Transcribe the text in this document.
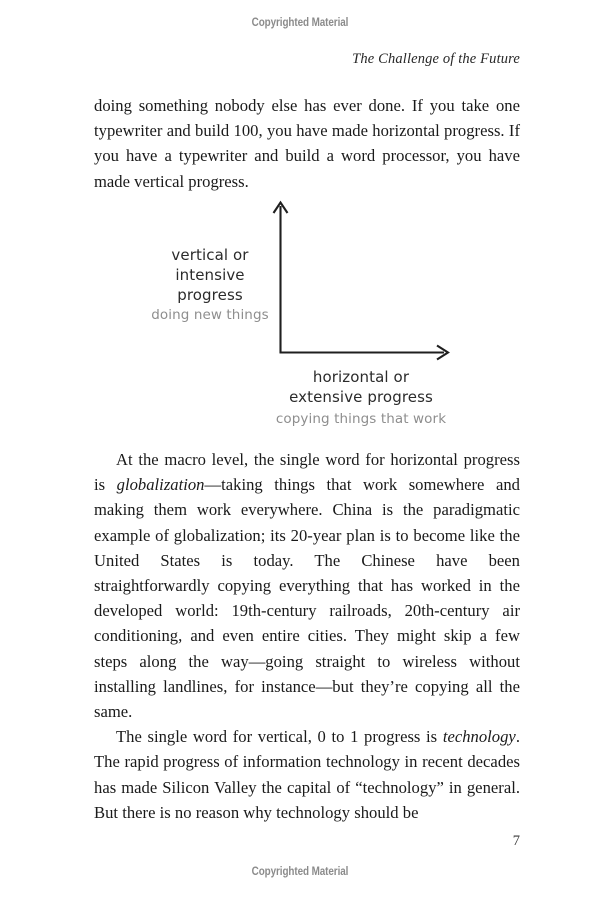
Copyrighted Material
The Challenge of the Future

doing something nobody else has ever done. If you take one typewriter and build 100, you have made horizontal progress. If you have a typewriter and build a word processor, you have made vertical progress.

vertical or
intensive
progress
doing new things
horizontal or
extensive progress
copying things that work

At the macro level, the single word for horizontal progress is globalization—taking things that work somewhere and making them work everywhere. China is the paradigmatic example of globalization; its 20-year plan is to become like the United States is today. The Chinese have been straightforwardly copying everything that has worked in the developed world: 19th-century railroads, 20th-century air conditioning, and even entire cities. They might skip a few steps along the way—going straight to wireless without installing landlines, for instance—but they’re copying all the same.

The single word for vertical, 0 to 1 progress is technology. The rapid progress of information technology in recent decades has made Silicon Valley the capital of “technology” in general. But there is no reason why technology should be

7
Copyrighted Material
